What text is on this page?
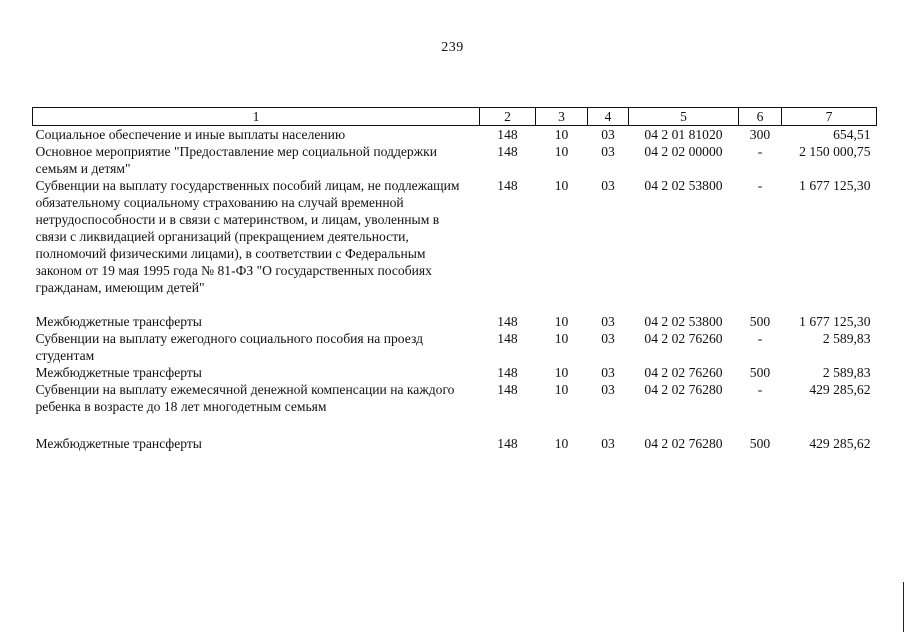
239
1	2	3	4	5	6	7
Социальное обеспечение и иные выплаты населению	148	10	03	04 2 01 81020	300	654,51
Основное мероприятие "Предоставление мер социальной поддержки семьям и детям"	148	10	03	04 2 02 00000	-	2 150 000,75
Субвенции на выплату государственных пособий лицам, не подлежащим обязательному социальному страхованию на случай временной нетрудоспособности и в связи с материнством, и лицам, уволенным в связи с ликвидацией организаций (прекращением деятельности, полномочий физическими лицами), в соответствии с Федеральным законом от 19 мая 1995 года № 81-ФЗ "О государственных пособиях гражданам, имеющим детей"	148	10	03	04 2 02 53800	-	1 677 125,30
Межбюджетные трансферты	148	10	03	04 2 02 53800	500	1 677 125,30
Субвенции на выплату ежегодного социального пособия на проезд студентам	148	10	03	04 2 02 76260	-	2 589,83
Межбюджетные трансферты	148	10	03	04 2 02 76260	500	2 589,83
Субвенции на выплату ежемесячной денежной компенсации на каждого ребенка в возрасте до 18 лет многодетным семьям	148	10	03	04 2 02 76280	-	429 285,62
Межбюджетные трансферты	148	10	03	04 2 02 76280	500	429 285,62
